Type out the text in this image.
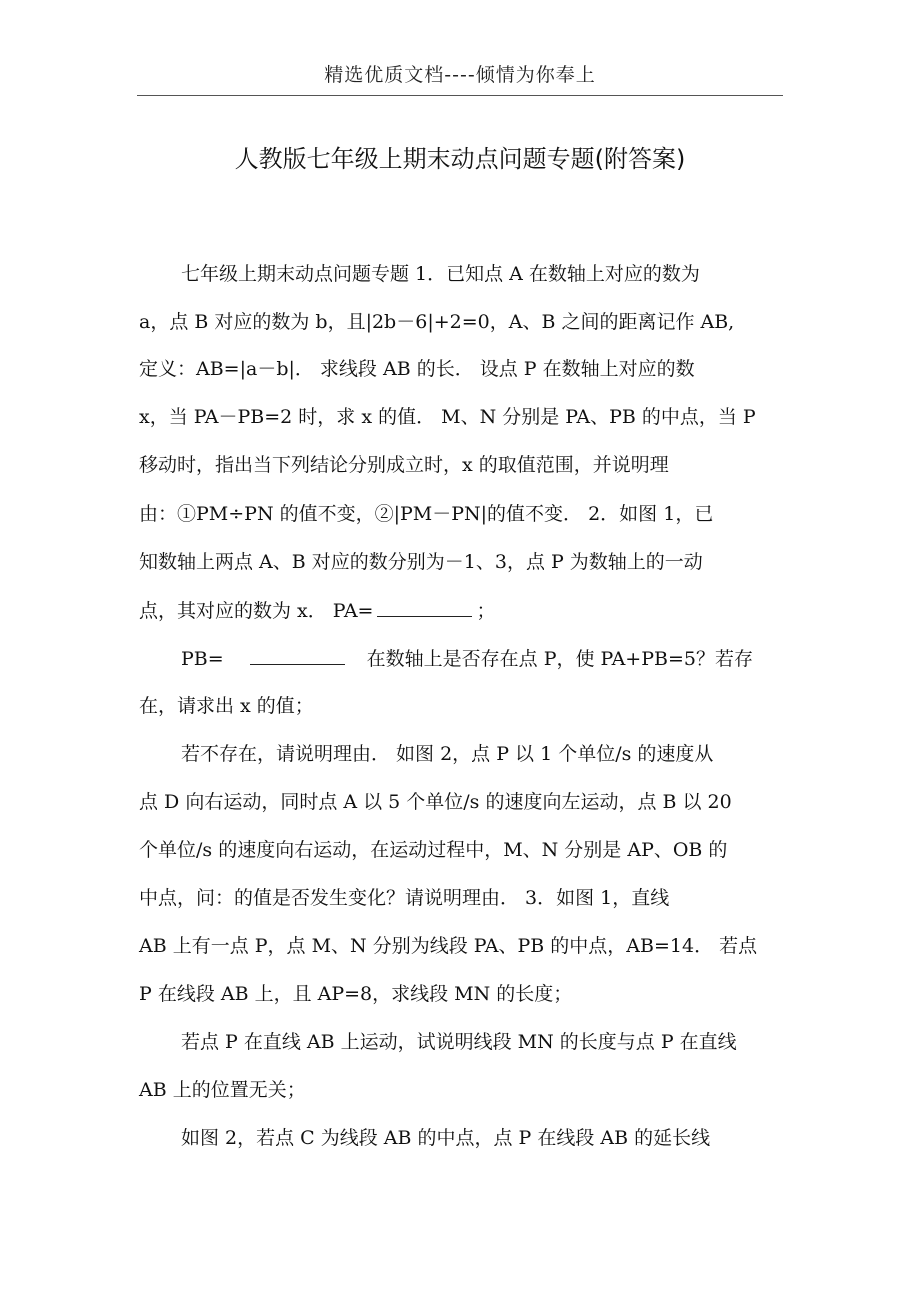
精选优质文档----倾情为你奉上
人教版七年级上期末动点问题专题(附答案)
七年级上期末动点问题专题 1．已知点 A 在数轴上对应的数为
a，点 B 对应的数为 b，且|2b－6|+2=0，A、B 之间的距离记作 AB,
定义：AB=|a－b|． 求线段 AB 的长． 设点 P 在数轴上对应的数
x，当 PA－PB=2 时，求 x 的值． M、N 分别是 PA、PB 的中点，当 P
移动时，指出当下列结论分别成立时，x 的取值范围，并说明理
由：①PM÷PN 的值不变，②|PM－PN|的值不变． 2．如图 1，已
知数轴上两点 A、B 对应的数分别为－1、3，点 P 为数轴上的一动
点，其对应的数为 x． PA=	；
PB=	在数轴上是否存在点 P，使 PA+PB=5？若存
在，请求出 x 的值；
若不存在，请说明理由． 如图 2，点 P 以 1 个单位/s 的速度从
点 D 向右运动，同时点 A 以 5 个单位/s 的速度向左运动，点 B 以 20
个单位/s 的速度向右运动，在运动过程中，M、N 分别是 AP、OB 的
中点，问：的值是否发生变化？请说明理由． 3．如图 1，直线
AB 上有一点 P，点 M、N 分别为线段 PA、PB 的中点，AB=14． 若点
P 在线段 AB 上，且 AP=8，求线段 MN 的长度；
若点 P 在直线 AB 上运动，试说明线段 MN 的长度与点 P 在直线
AB 上的位置无关；
如图 2，若点 C 为线段 AB 的中点，点 P 在线段 AB 的延长线
